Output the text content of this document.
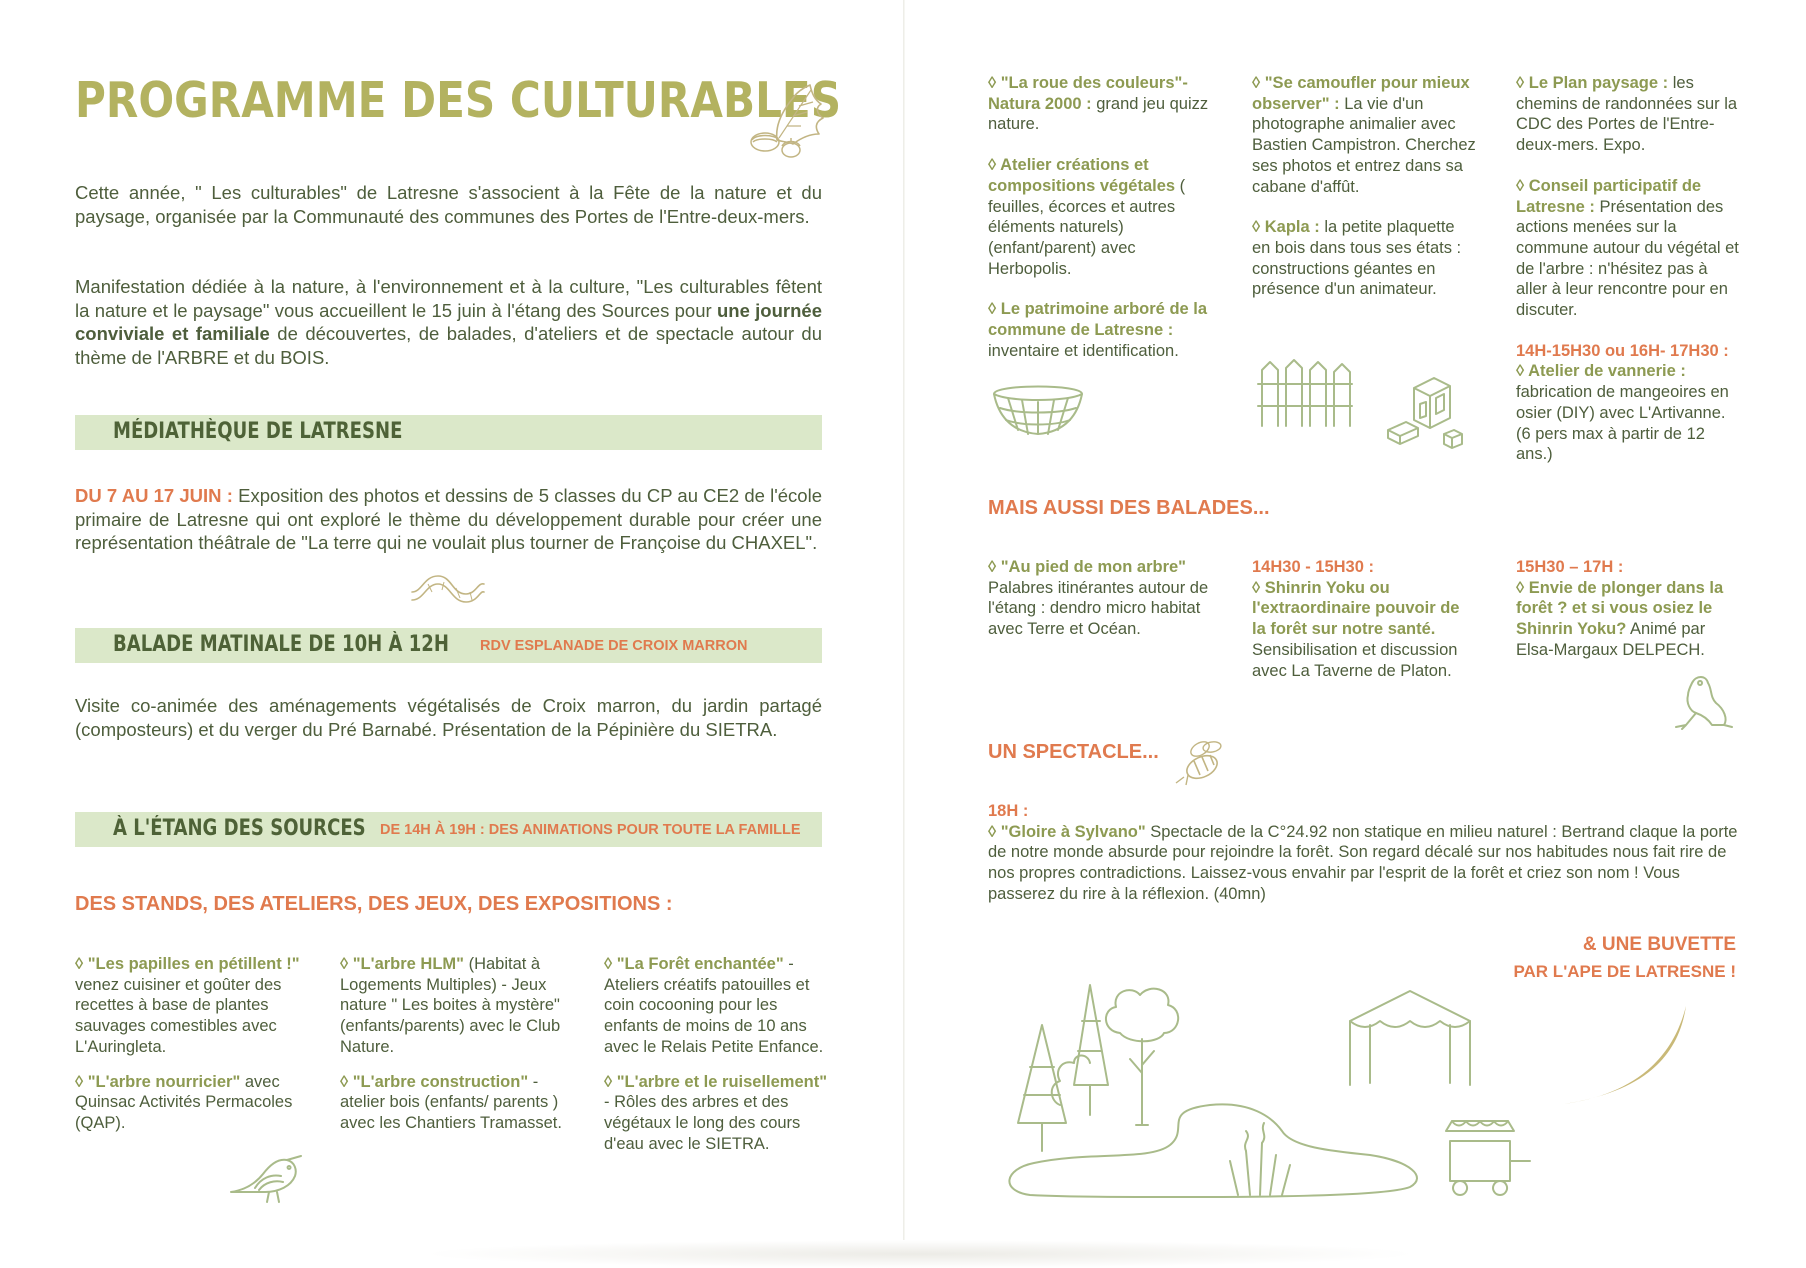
PROGRAMME DES CULTURABLES
Cette année, " Les culturables" de Latresne s'associent à la Fête de la nature et du paysage, organisée par la Communauté des communes des Portes de l'Entre-deux-mers.
Manifestation dédiée à la nature, à l'environnement et à la culture, "Les culturables fêtent la nature et le paysage" vous accueillent le 15 juin à l'étang des Sources pour une journée conviviale et familiale de découvertes, de balades, d'ateliers et de spectacle autour du thème de l'ARBRE et du BOIS.
MÉDIATHÈQUE DE LATRESNE
DU 7 AU 17 JUIN : Exposition des photos et dessins de 5 classes du CP au CE2 de l'école primaire de Latresne qui ont exploré le thème du développement durable pour créer une représentation théâtrale de "La terre qui ne voulait plus tourner de Françoise du CHAXEL".
BALADE MATINALE DE 10H À 12H RDV ESPLANADE DE CROIX MARRON
Visite co-animée des aménagements végétalisés de Croix marron, du jardin partagé (composteurs) et du verger du Pré Barnabé. Présentation de la Pépinière du SIETRA.
À L'ÉTANG DES SOURCES DE 14H À 19H : DES ANIMATIONS POUR TOUTE LA FAMILLE
DES STANDS, DES ATELIERS, DES JEUX, DES EXPOSITIONS :

◊ "Les papilles en pétillent !" venez cuisiner et goûter des recettes à base de plantes sauvages comestibles avec L'Auringleta.

◊ "L'arbre nourricier" avec Quinsac Activités Permacoles (QAP).

◊ "L'arbre HLM" (Habitat à Logements Multiples) - Jeux nature " Les boites à mystère" (enfants/parents) avec le Club Nature.

◊ "L'arbre construction" - atelier bois (enfants/ parents ) avec les Chantiers Tramasset.

◊ "La Forêt enchantée" - Ateliers créatifs patouilles et coin cocooning pour les enfants de moins de 10 ans avec le Relais Petite Enfance.

◊ "L'arbre et le ruisellement" - Rôles des arbres et des végétaux le long des cours d'eau avec le SIETRA.

◊ "La roue des couleurs"- Natura 2000 : grand jeu quizz nature.

◊ Atelier créations et compositions végétales ( feuilles, écorces et autres éléments naturels) (enfant/parent) avec Herbopolis.

◊ Le patrimoine arboré de la commune de Latresne : inventaire et identification.

◊ "Se camoufler pour mieux observer" : La vie d'un photographe animalier avec Bastien Campistron. Cherchez ses photos et entrez dans sa cabane d'affût.

◊ Kapla : la petite plaquette en bois dans tous ses états : constructions géantes en présence d'un animateur.

◊ Le Plan paysage : les chemins de randonnées sur la CDC des Portes de l'Entre-deux-mers. Expo.

◊ Conseil participatif de Latresne : Présentation des actions menées sur la commune autour du végétal et de l'arbre : n'hésitez pas à aller à leur rencontre pour en discuter.

14H-15H30 ou 16H- 17H30 :
◊ Atelier de vannerie : fabrication de mangeoires en osier (DIY) avec L'Artivanne. (6 pers max à partir de 12 ans.)

MAIS AUSSI DES BALADES...
◊ "Au pied de mon arbre"
Palabres itinérantes autour de l'étang : dendro micro habitat avec Terre et Océan.
14H30 - 15H30 :
◊ Shinrin Yoku ou l'extraordinaire pouvoir de la forêt sur notre santé. Sensibilisation et discussion avec La Taverne de Platon.
15H30 – 17H :
◊ Envie de plonger dans la forêt ? et si vous osiez le Shinrin Yoku? Animé par Elsa-Margaux DELPECH.
UN SPECTACLE...
18H :
◊ "Gloire à Sylvano" Spectacle de la C°24.92 non statique en milieu naturel : Bertrand claque la porte de notre monde absurde pour rejoindre la forêt. Son regard décalé sur nos habitudes nous fait rire de nos propres contradictions. Laissez-vous envahir par l'esprit de la forêt et criez son nom ! Vous passerez du rire à la réflexion. (40mn)
& UNE BUVETTE
PAR L'APE DE LATRESNE !
